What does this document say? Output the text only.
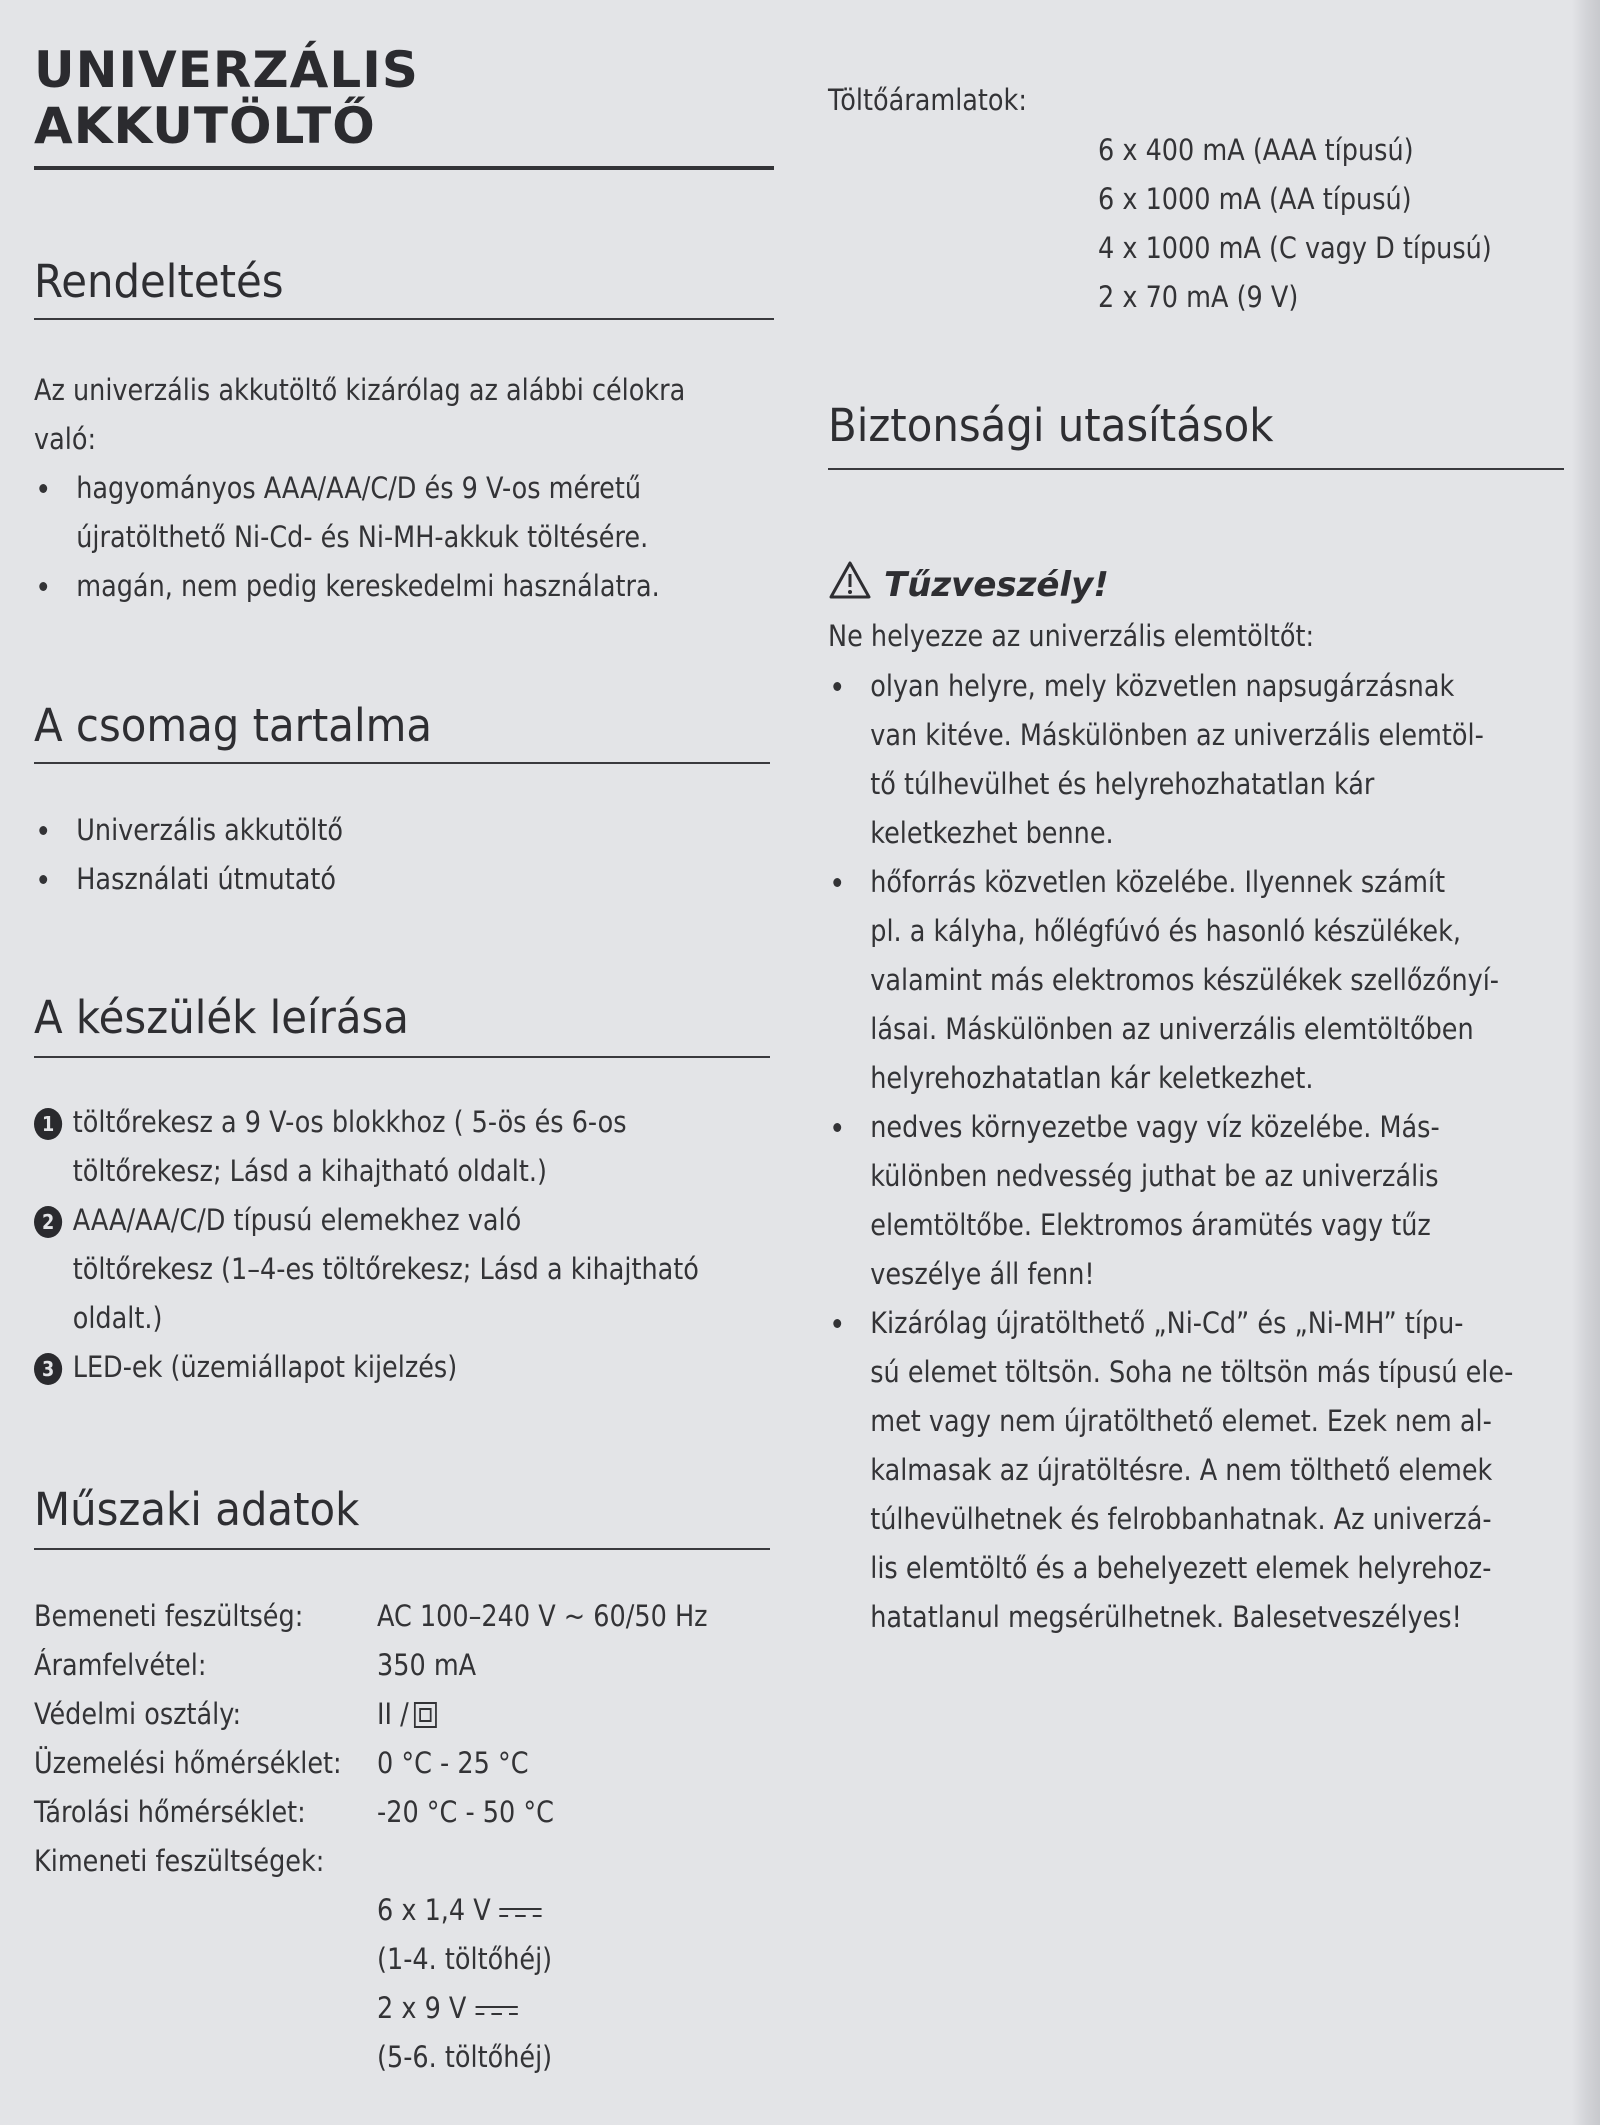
UNIVERZÁLIS
AKKUTÖLTŐ
Rendeltetés
Az univerzális akkutöltő kizárólag az alábbi célokra
való:
hagyományos AAA/AA/C/D és 9 V-os méretű
újratölthető Ni-Cd- és Ni-MH-akkuk töltésére.
magán, nem pedig kereskedelmi használatra.
A csomag tartalma
Univerzális akkutöltő
Használati útmutató
A készülék leírása
1 töltőrekesz a 9 V-os blokkhoz ( 5-ös és 6-os
töltőrekesz; Lásd a kihajtható oldalt.)
2 AAA/AA/C/D típusú elemekhez való
töltőrekesz (1–4-es töltőrekesz; Lásd a kihajtható
oldalt.)
3 LED-ek (üzemiállapot kijelzés)
Műszaki adatok
Bemeneti feszültség:	AC 100–240 V ~ 60/50 Hz
Áramfelvétel:	350 mA
Védelmi osztály:	II /
Üzemelési hőmérséklet: 0 °C - 25 °C
Tárolási hőmérséklet: -20 °C - 50 °C
Kimeneti feszültségek:
6 x 1,4 V
(1-4. töltőhéj)
2 x 9 V
(5-6. töltőhéj)
Töltőáramlatok:
6 x 400 mA (AAA típusú)
6 x 1000 mA (AA típusú)
4 x 1000 mA (C vagy D típusú)
2 x 70 mA (9 V)
Biztonsági utasítások
Tűzveszély!
Ne helyezze az univerzális elemtöltőt:
olyan helyre, mely közvetlen napsugárzásnak
van kitéve. Máskülönben az univerzális elemtöl-
tő túlhevülhet és helyrehozhatatlan kár
keletkezhet benne.
hőforrás közvetlen közelébe. Ilyennek számít
pl. a kályha, hőlégfúvó és hasonló készülékek,
valamint más elektromos készülékek szellőzőnyí-
lásai. Máskülönben az univerzális elemtöltőben
helyrehozhatatlan kár keletkezhet.
nedves környezetbe vagy víz közelébe. Más-
különben nedvesség juthat be az univerzális
elemtöltőbe. Elektromos áramütés vagy tűz
veszélye áll fenn!
Kizárólag újratölthető „Ni-Cd” és „Ni-MH” típu-
sú elemet töltsön. Soha ne töltsön más típusú ele-
met vagy nem újratölthető elemet. Ezek nem al-
kalmasak az újratöltésre. A nem tölthető elemek
túlhevülhetnek és felrobbanhatnak. Az univerzá-
lis elemtöltő és a behelyezett elemek helyrehoz-
hatatlanul megsérülhetnek. Balesetveszélyes!
